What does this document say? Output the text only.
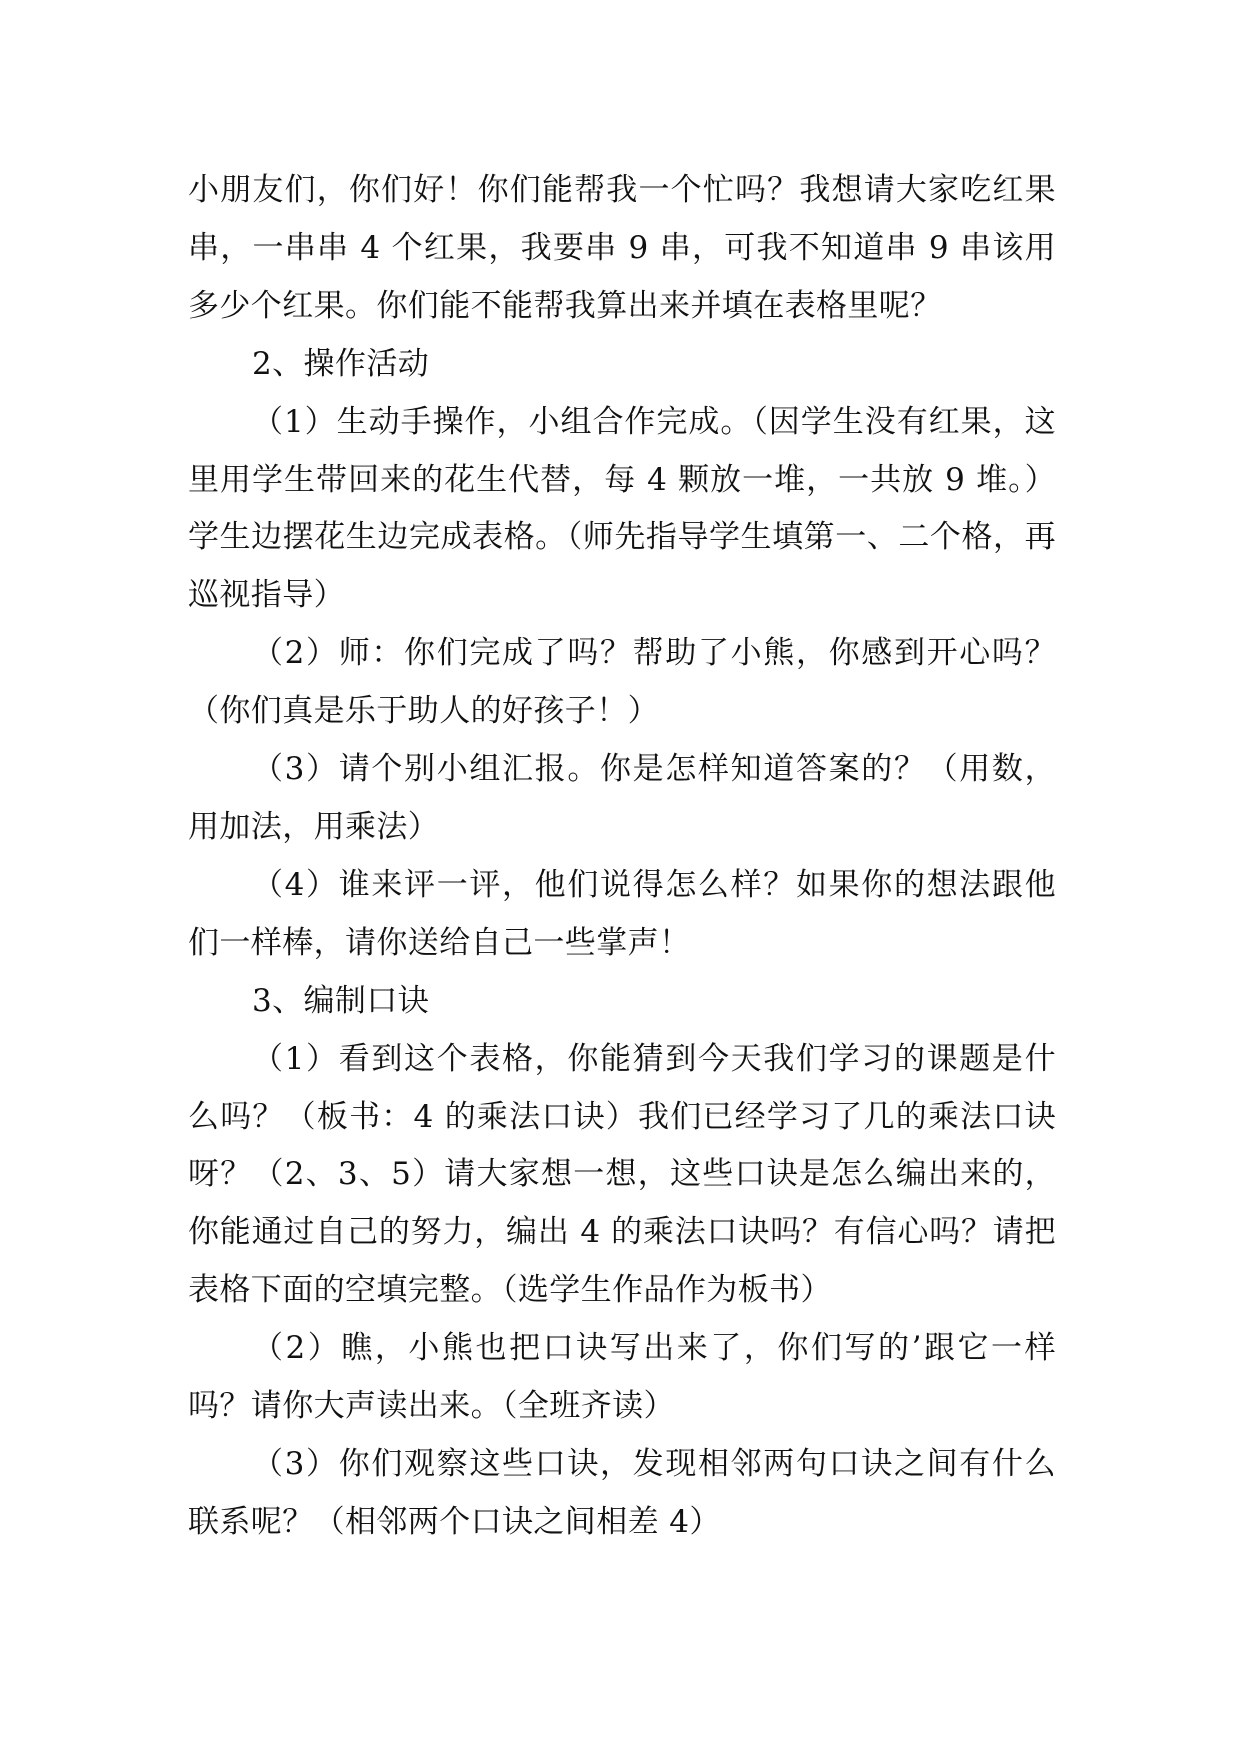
小朋友们，你们好！你们能帮我一个忙吗？我想请大家吃红果串，一串串 4 个红果，我要串 9 串，可我不知道串 9 串该用多少个红果。你们能不能帮我算出来并填在表格里呢？

2、操作活动

（1）生动手操作，小组合作完成。（因学生没有红果，这里用学生带回来的花生代替，每 4 颗放一堆，一共放 9 堆。）学生边摆花生边完成表格。（师先指导学生填第一、二个格，再巡视指导）

（2）师：你们完成了吗？帮助了小熊，你感到开心吗？（你们真是乐于助人的好孩子！）

（3）请个别小组汇报。你是怎样知道答案的？（用数，用加法，用乘法）

（4）谁来评一评，他们说得怎么样？如果你的想法跟他们一样棒，请你送给自己一些掌声！

3、编制口诀

（1）看到这个表格，你能猜到今天我们学习的课题是什么吗？（板书：4 的乘法口诀）我们已经学习了几的乘法口诀呀？（2、3、5）请大家想一想，这些口诀是怎么编出来的，你能通过自己的努力，编出 4 的乘法口诀吗？有信心吗？请把表格下面的空填完整。（选学生作品作为板书）

（2）瞧，小熊也把口诀写出来了，你们写的’跟它一样吗？请你大声读出来。（全班齐读）

（3）你们观察这些口诀，发现相邻两句口诀之间有什么联系呢？（相邻两个口诀之间相差 4）
